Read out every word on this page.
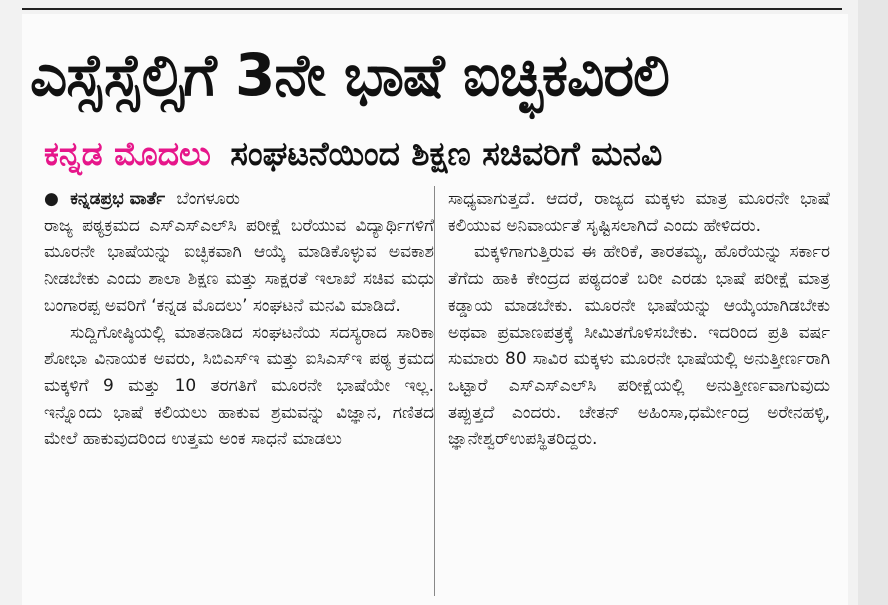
ಎಸ್ಸೆಸ್ಸೆಲ್ಸಿಗೆ 3ನೇ ಭಾಷೆ ಐಚ್ಛಿಕವಿರಲಿ
ಕನ್ನಡ ಮೊದಲು ಸಂಘಟನೆಯಿಂದ ಶಿಕ್ಷಣ ಸಚಿವರಿಗೆ ಮನವಿ
● ಕನ್ನಡಪ್ರಭ ವಾರ್ತೆ ಬೆಂಗಳೂರು

ರಾಜ್ಯ ಪಠ್ಯಕ್ರಮದ ಎಸ್‌ಎಸ್‌ಎಲ್‌ಸಿ ಪರೀಕ್ಷೆ ಬರೆಯುವ ವಿದ್ಯಾರ್ಥಿಗಳಿಗೆ ಮೂರನೇ ಭಾಷೆಯನ್ನು ಐಚ್ಛಿಕವಾಗಿ ಆಯ್ಕೆ ಮಾಡಿಕೊಳ್ಳುವ ಅವಕಾಶ ನೀಡಬೇಕು ಎಂದು ಶಾಲಾ ಶಿಕ್ಷಣ ಮತ್ತು ಸಾಕ್ಷರತೆ ಇಲಾಖೆ ಸಚಿವ ಮಧು ಬಂಗಾರಪ್ಪ ಅವರಿಗೆ ‘ಕನ್ನಡ ಮೊದಲು’ ಸಂಘಟನೆ ಮನವಿ ಮಾಡಿದೆ.

ಸುದ್ದಿಗೋಷ್ಠಿಯಲ್ಲಿ ಮಾತನಾಡಿದ ಸಂಘಟನೆಯ ಸದಸ್ಯರಾದ ಸಾರಿಕಾ ಶೋಭಾ ವಿನಾಯಕ ಅವರು, ಸಿಬಿಎಸ್‌ಇ ಮತ್ತು ಐಸಿಎಸ್‌ಇ ಪಠ್ಯ ಕ್ರಮದ ಮಕ್ಕಳಿಗೆ 9 ಮತ್ತು 10 ತರಗತಿಗೆ ಮೂರನೇ ಭಾಷೆಯೇ ಇಲ್ಲ. ಇನ್ನೊಂದು ಭಾಷೆ ಕಲಿಯಲು ಹಾಕುವ ಶ್ರಮವನ್ನು ವಿಜ್ಞಾನ, ಗಣಿತದ ಮೇಲೆ ಹಾಕುವುದರಿಂದ ಉತ್ತಮ ಅಂಕ ಸಾಧನೆ ಮಾಡಲು

ಸಾಧ್ಯವಾಗುತ್ತದೆ. ಆದರೆ, ರಾಜ್ಯದ ಮಕ್ಕಳು ಮಾತ್ರ ಮೂರನೇ ಭಾಷೆ ಕಲಿಯುವ ಅನಿವಾರ್ಯತೆ ಸೃಷ್ಟಿಸಲಾಗಿದೆ ಎಂದು ಹೇಳಿದರು.

ಮಕ್ಕಳಿಗಾಗುತ್ತಿರುವ ಈ ಹೇರಿಕೆ, ತಾರತಮ್ಯ, ಹೊರೆಯನ್ನು ಸರ್ಕಾರ ತೆಗೆದು ಹಾಕಿ ಕೇಂದ್ರದ ಪಠ್ಯದಂತೆ ಬರೀ ಎರಡು ಭಾಷೆ ಪರೀಕ್ಷೆ ಮಾತ್ರ ಕಡ್ಡಾಯ ಮಾಡಬೇಕು. ಮೂರನೇ ಭಾಷೆಯನ್ನು ಆಯ್ಕೆಯಾಗಿಡಬೇಕು ಅಥವಾ ಪ್ರಮಾಣಪತ್ರಕ್ಕೆ ಸೀಮಿತಗೊಳಿಸಬೇಕು. ಇದರಿಂದ ಪ್ರತಿ ವರ್ಷ ಸುಮಾರು 80 ಸಾವಿರ ಮಕ್ಕಳು ಮೂರನೇ ಭಾಷೆಯಲ್ಲಿ ಅನುತ್ತೀರ್ಣರಾಗಿ ಒಟ್ಟಾರೆ ಎಸ್‌ಎಸ್‌ಎಲ್‌ಸಿ ಪರೀಕ್ಷೆಯಲ್ಲಿ ಅನುತ್ತೀರ್ಣವಾಗುವುದು ತಪ್ಪುತ್ತದೆ ಎಂದರು. ಚೇತನ್ ಅಹಿಂಸಾ,ಧರ್ಮೇಂದ್ರ ಅರೇನಹಳ್ಳಿ, ಜ್ಞಾನೇಶ್ವರ್‌ಉಪಸ್ಥಿತರಿದ್ದರು.
